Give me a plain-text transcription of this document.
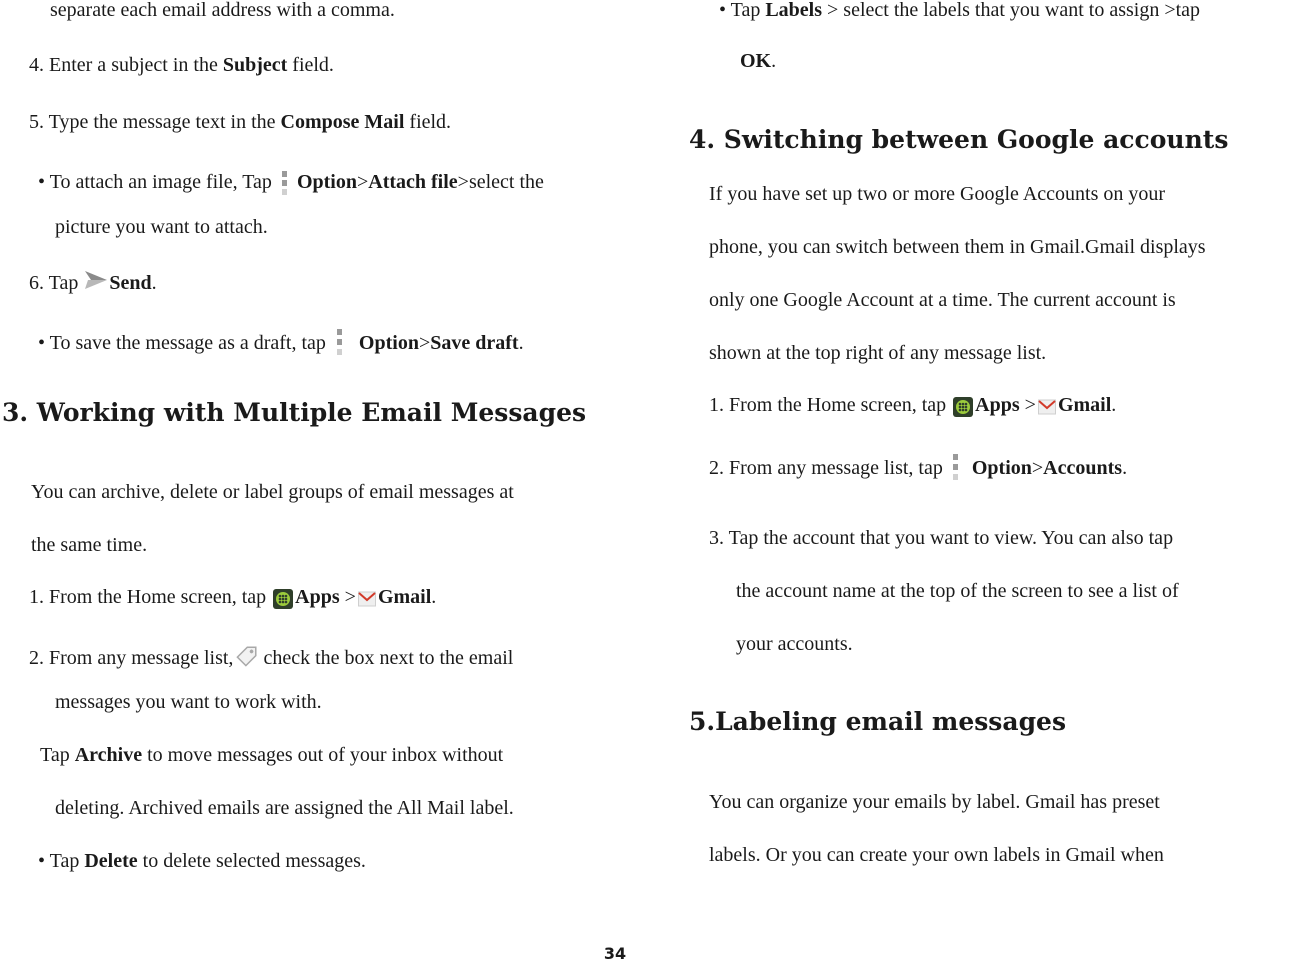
separate each email address with a comma.
4. Enter a subject in the Subject field.
5. Type the message text in the Compose Mail field.
• To attach an image file, Tap Option>Attach file>select the
picture you want to attach.
6. Tap Send.
• To save the message as a draft, tap Option>Save draft.
3. Working with Multiple Email Messages
You can archive, delete or label groups of email messages at
the same time.
1. From the Home screen, tap Apps > Gmail.
2. From any message list, check the box next to the email
messages you want to work with.
Tap Archive to move messages out of your inbox without
deleting. Archived emails are assigned the All Mail label.
• Tap Delete to delete selected messages.
• Tap Labels > select the labels that you want to assign >tap
OK.
4. Switching between Google accounts
If you have set up two or more Google Accounts on your
phone, you can switch between them in Gmail.Gmail displays
only one Google Account at a time. The current account is
shown at the top right of any message list.
1. From the Home screen, tap Apps > Gmail.
2. From any message list, tap Option>Accounts.
3. Tap the account that you want to view. You can also tap
the account name at the top of the screen to see a list of
your accounts.
5.Labeling email messages
You can organize your emails by label. Gmail has preset
labels. Or you can create your own labels in Gmail when
34
